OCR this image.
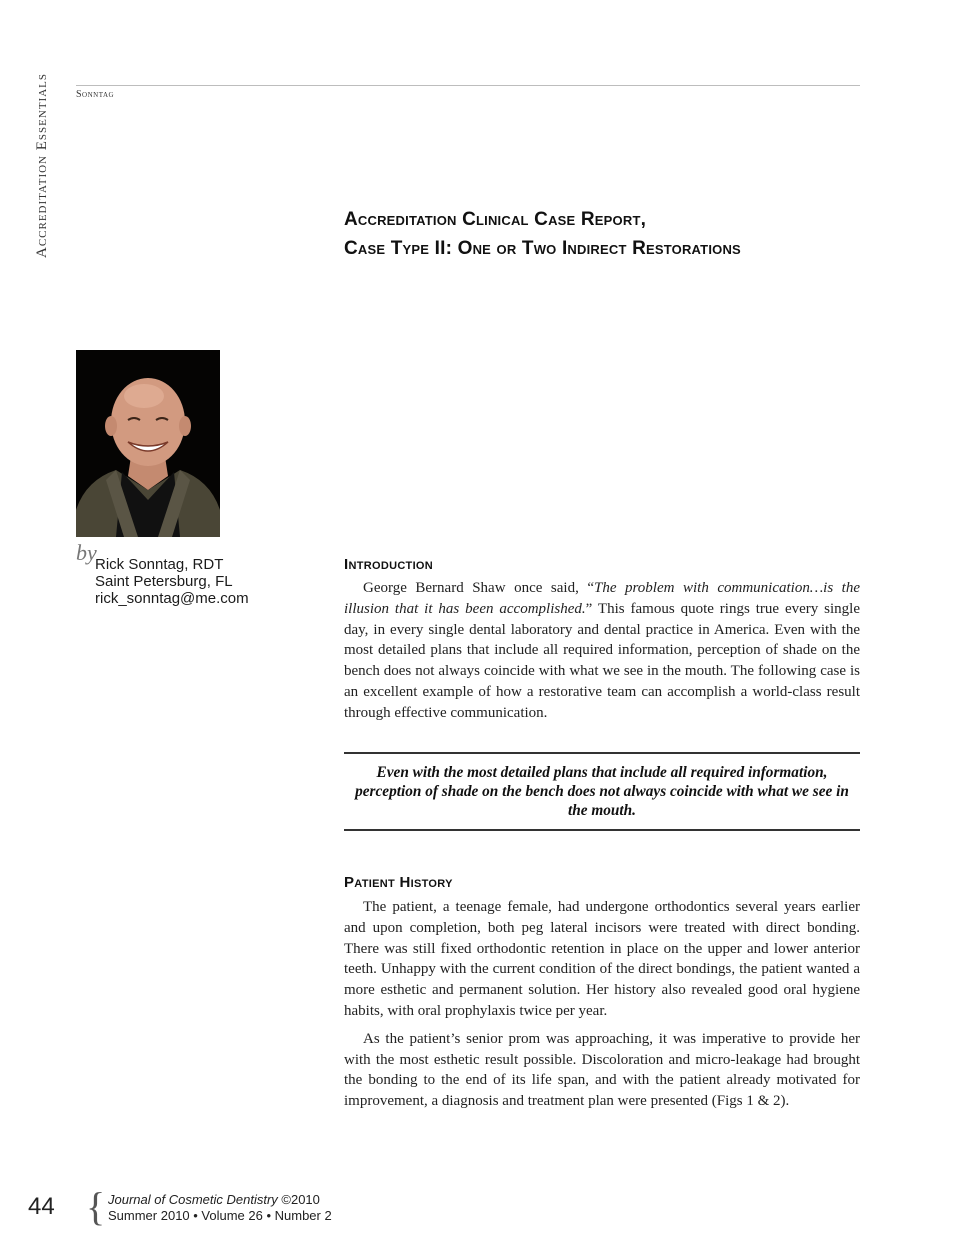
Accreditation Essentials	Sonntag
Accreditation Clinical Case Report,
Case Type II: One or Two Indirect Restorations
by
Rick Sonntag, RDT
Saint Petersburg, FL
rick_sonntag@me.com
Introduction

George Bernard Shaw once said, “The problem with communication…is the illusion that it has been accomplished.” This famous quote rings true every single day, in every single dental laboratory and dental practice in America. Even with the most detailed plans that include all required information, perception of shade on the bench does not always coincide with what we see in the mouth. The following case is an excellent example of how a restorative team can accomplish a world-class result through effective communication.

Even with the most detailed plans that include all required information, perception of shade on the bench does not always coincide with what we see in the mouth.

Patient History

The patient, a teenage female, had undergone orthodontics several years earlier and upon completion, both peg lateral incisors were treated with direct bonding. There was still fixed orthodontic retention in place on the upper and lower anterior teeth. Unhappy with the current condition of the direct bondings, the patient wanted a more esthetic and permanent solution. Her history also revealed good oral hygiene habits, with oral prophylaxis twice per year.

As the patient’s senior prom was approaching, it was imperative to provide her with the most esthetic result possible. Discoloration and micro-leakage had brought the bonding to the end of its life span, and with the patient already motivated for improvement, a diagnosis and treatment plan were presented (Figs 1 & 2).

44 { Journal of Cosmetic Dentistry ©2010
Summer 2010 • Volume 26 • Number 2
